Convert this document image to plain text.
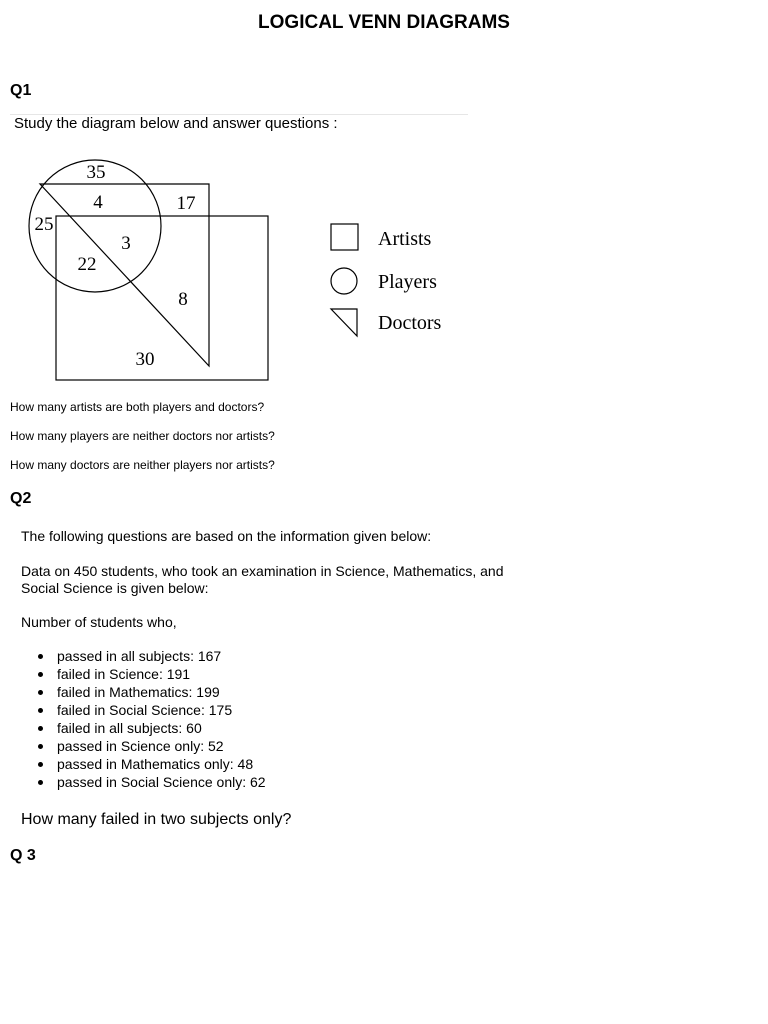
LOGICAL VENN DIAGRAMS
Q1
Study the diagram below and answer questions :
35
4	17
25
3
22
8
30
Artists
Players
Doctors
How many artists are both players and doctors?
How many players are neither doctors nor artists?
How many doctors are neither players nor artists?
Q2
The following questions are based on the information given below:
Data on 450 students, who took an examination in Science, Mathematics, and
Social Science is given below:
Number of students who,
passed in all subjects: 167
failed in Science: 191
failed in Mathematics: 199
failed in Social Science: 175
failed in all subjects: 60
passed in Science only: 52
passed in Mathematics only: 48
passed in Social Science only: 62
How many failed in two subjects only?
Q 3
